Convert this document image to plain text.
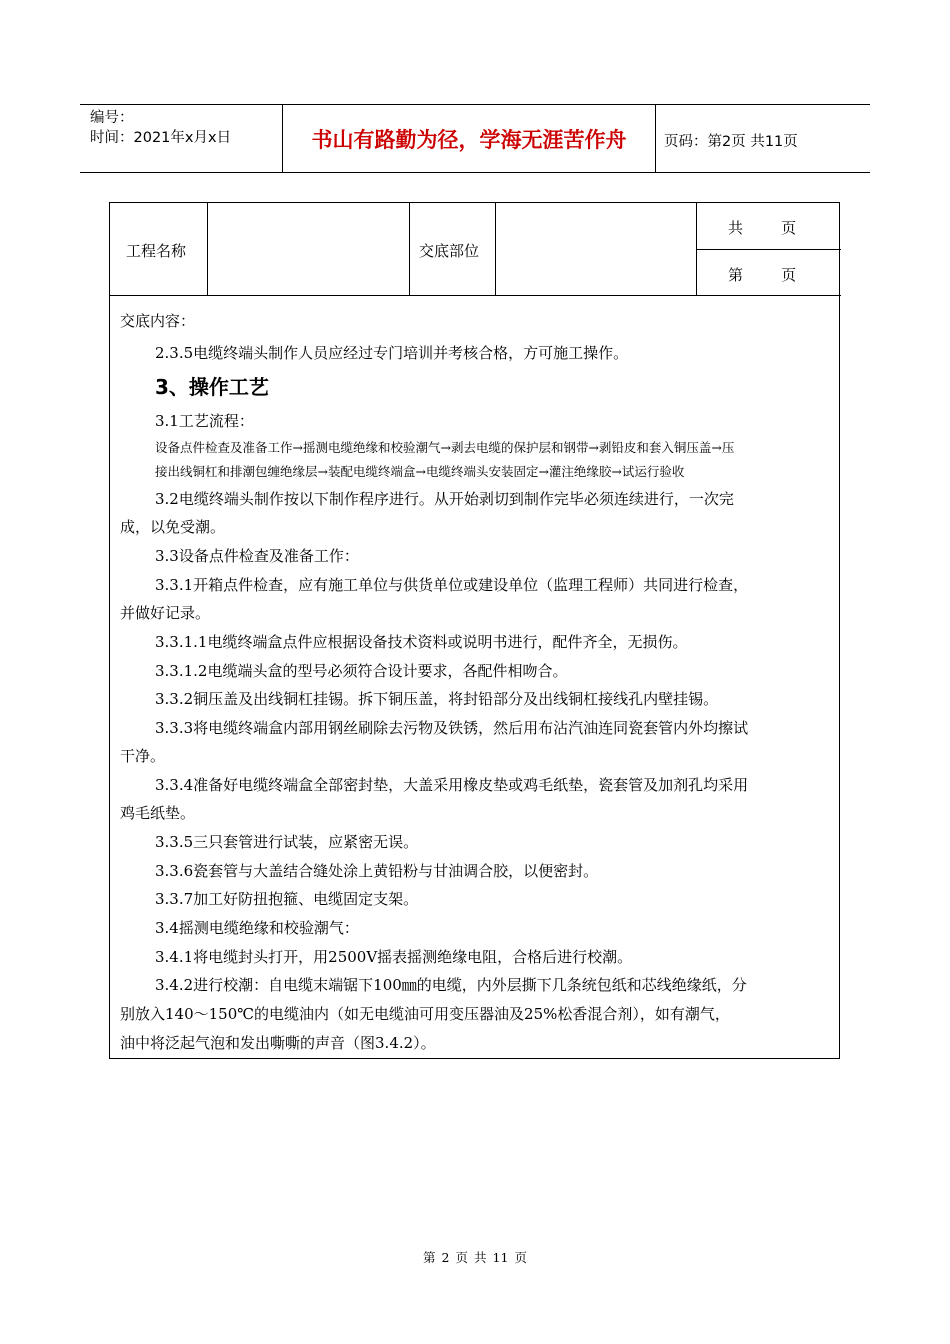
编号：
时间：2021年x月x日	书山有路勤为径，学海无涯苦作舟	页码：第2页 共11页
工程名称	交底部位
共        页
第        页
交底内容：
2.3.5电缆终端头制作人员应经过专门培训并考核合格，方可施工操作。
3、操作工艺
3.1工艺流程：
设备点件检查及准备工作→摇测电缆绝缘和校验潮气→剥去电缆的保护层和钢带→剥铅皮和套入铜压盖→压
接出线铜杠和排潮包缠绝缘层→装配电缆终端盒→电缆终端头安装固定→灌注绝缘胶→试运行验收
3.2电缆终端头制作按以下制作程序进行。从开始剥切到制作完毕必须连续进行，一次完
成，以免受潮。
3.3设备点件检查及准备工作：
3.3.1开箱点件检查，应有施工单位与供货单位或建设单位（监理工程师）共同进行检查，
并做好记录。
3.3.1.1电缆终端盒点件应根据设备技术资料或说明书进行，配件齐全，无损伤。
3.3.1.2电缆端头盒的型号必须符合设计要求，各配件相吻合。
3.3.2铜压盖及出线铜杠挂锡。拆下铜压盖，将封铅部分及出线铜杠接线孔内壁挂锡。
3.3.3将电缆终端盒内部用钢丝刷除去污物及铁锈，然后用布沾汽油连同瓷套管内外均擦试
干净。
3.3.4准备好电缆终端盒全部密封垫，大盖采用橡皮垫或鸡毛纸垫，瓷套管及加剂孔均采用
鸡毛纸垫。
3.3.5三只套管进行试装，应紧密无误。
3.3.6瓷套管与大盖结合缝处涂上黄铅粉与甘油调合胶，以便密封。
3.3.7加工好防扭抱箍、电缆固定支架。
3.4摇测电缆绝缘和校验潮气：
3.4.1将电缆封头打开，用2500V摇表摇测绝缘电阻，合格后进行校潮。
3.4.2进行校潮：自电缆末端锯下100㎜的电缆，内外层撕下几条统包纸和芯线绝缘纸，分
别放入140～150℃的电缆油内（如无电缆油可用变压器油及25%松香混合剂），如有潮气，
油中将泛起气泡和发出嘶嘶的声音（图3.4.2）。
第 2 页 共 11 页
